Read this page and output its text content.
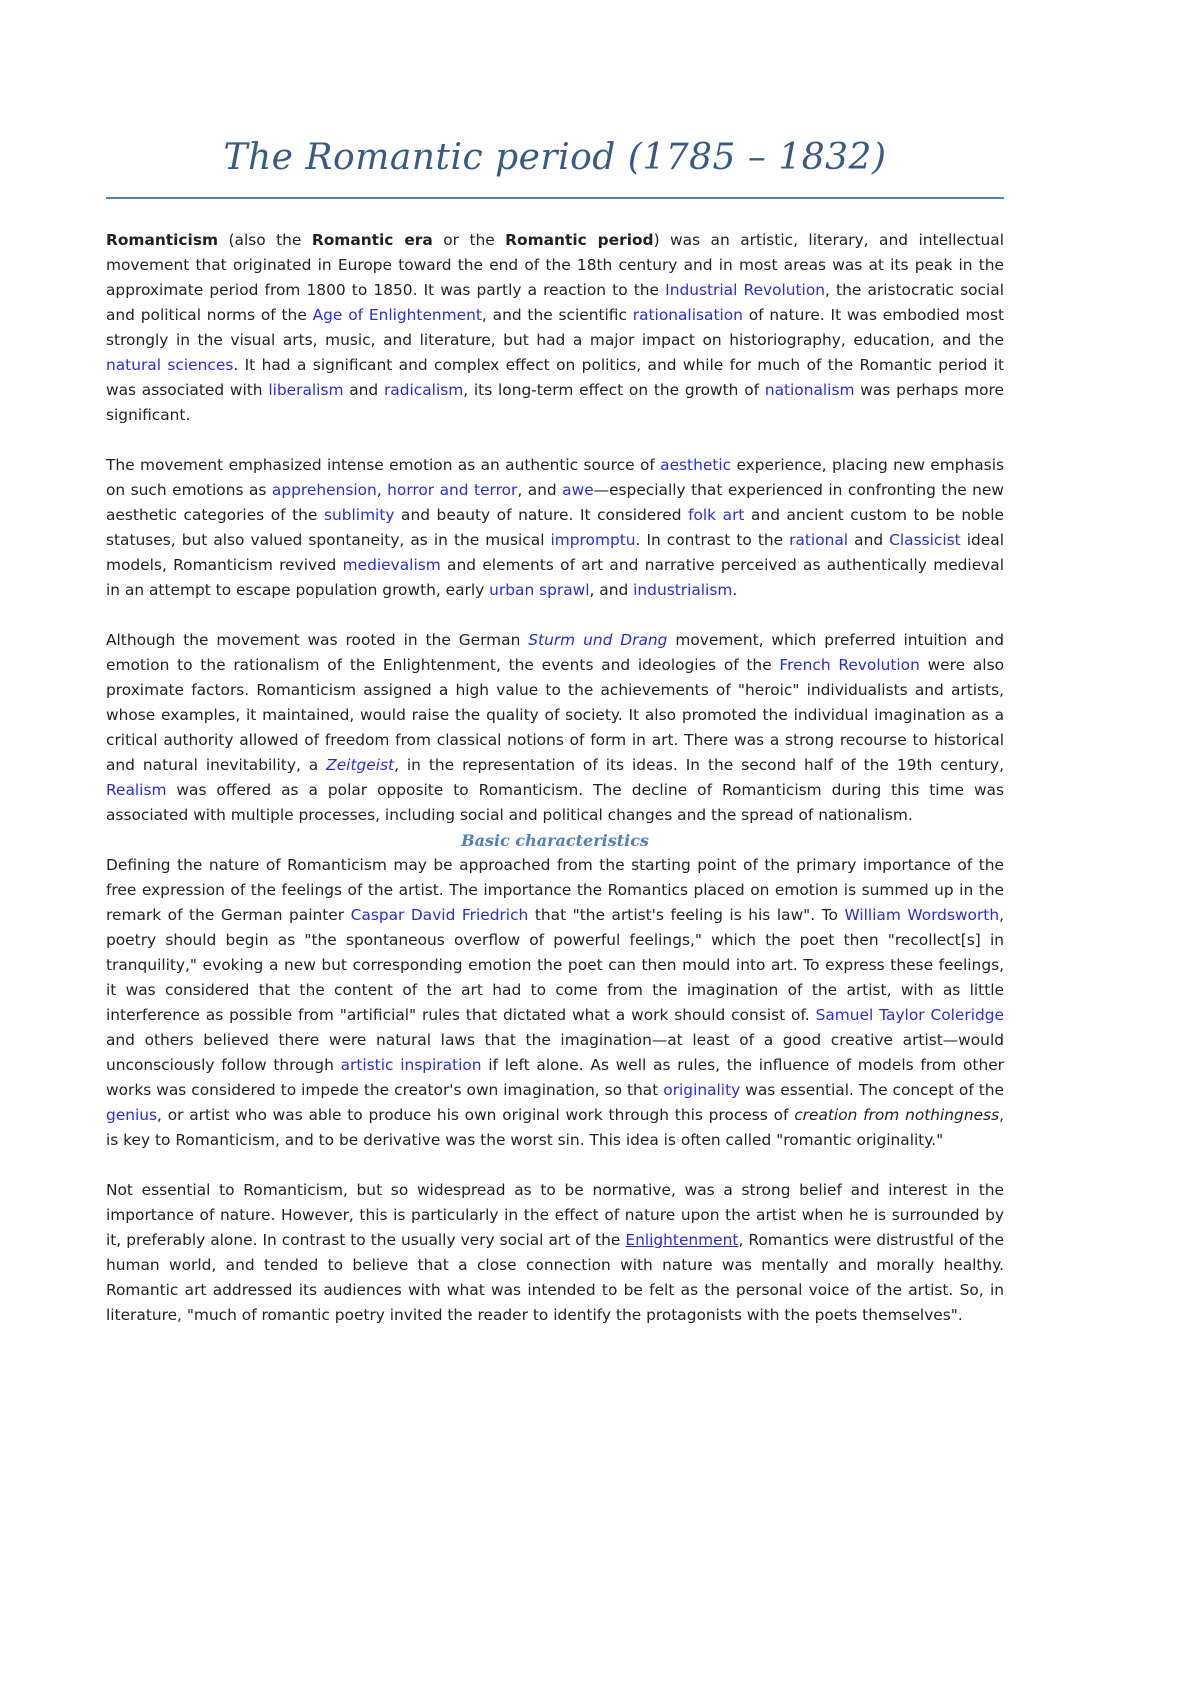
The Romantic period (1785 – 1832)

Romanticism (also the Romantic era or the Romantic period) was an artistic, literary, and intellectual movement that originated in Europe toward the end of the 18th century and in most areas was at its peak in the approximate period from 1800 to 1850. It was partly a reaction to the Industrial Revolution, the aristocratic social and political norms of the Age of Enlightenment, and the scientific rationalisation of nature. It was embodied most strongly in the visual arts, music, and literature, but had a major impact on historiography, education, and the natural sciences. It had a significant and complex effect on politics, and while for much of the Romantic period it was associated with liberalism and radicalism, its long-term effect on the growth of nationalism was perhaps more significant.

The movement emphasized intense emotion as an authentic source of aesthetic experience, placing new emphasis on such emotions as apprehension, horror and terror, and awe—especially that experienced in confronting the new aesthetic categories of the sublimity and beauty of nature. It considered folk art and ancient custom to be noble statuses, but also valued spontaneity, as in the musical impromptu. In contrast to the rational and Classicist ideal models, Romanticism revived medievalism and elements of art and narrative perceived as authentically medieval in an attempt to escape population growth, early urban sprawl, and industrialism.

Although the movement was rooted in the German Sturm und Drang movement, which preferred intuition and emotion to the rationalism of the Enlightenment, the events and ideologies of the French Revolution were also proximate factors. Romanticism assigned a high value to the achievements of "heroic" individualists and artists, whose examples, it maintained, would raise the quality of society. It also promoted the individual imagination as a critical authority allowed of freedom from classical notions of form in art. There was a strong recourse to historical and natural inevitability, a Zeitgeist, in the representation of its ideas. In the second half of the 19th century, Realism was offered as a polar opposite to Romanticism. The decline of Romanticism during this time was associated with multiple processes, including social and political changes and the spread of nationalism.

Basic characteristics

Defining the nature of Romanticism may be approached from the starting point of the primary importance of the free expression of the feelings of the artist. The importance the Romantics placed on emotion is summed up in the remark of the German painter Caspar David Friedrich that "the artist's feeling is his law". To William Wordsworth, poetry should begin as "the spontaneous overflow of powerful feelings," which the poet then "recollect[s] in tranquility," evoking a new but corresponding emotion the poet can then mould into art. To express these feelings, it was considered that the content of the art had to come from the imagination of the artist, with as little interference as possible from "artificial" rules that dictated what a work should consist of. Samuel Taylor Coleridge and others believed there were natural laws that the imagination—at least of a good creative artist—would unconsciously follow through artistic inspiration if left alone. As well as rules, the influence of models from other works was considered to impede the creator's own imagination, so that originality was essential. The concept of the genius, or artist who was able to produce his own original work through this process of creation from nothingness, is key to Romanticism, and to be derivative was the worst sin. This idea is often called "romantic originality."

Not essential to Romanticism, but so widespread as to be normative, was a strong belief and interest in the importance of nature. However, this is particularly in the effect of nature upon the artist when he is surrounded by it, preferably alone. In contrast to the usually very social art of the Enlightenment, Romantics were distrustful of the human world, and tended to believe that a close connection with nature was mentally and morally healthy. Romantic art addressed its audiences with what was intended to be felt as the personal voice of the artist. So, in literature, "much of romantic poetry invited the reader to identify the protagonists with the poets themselves".
